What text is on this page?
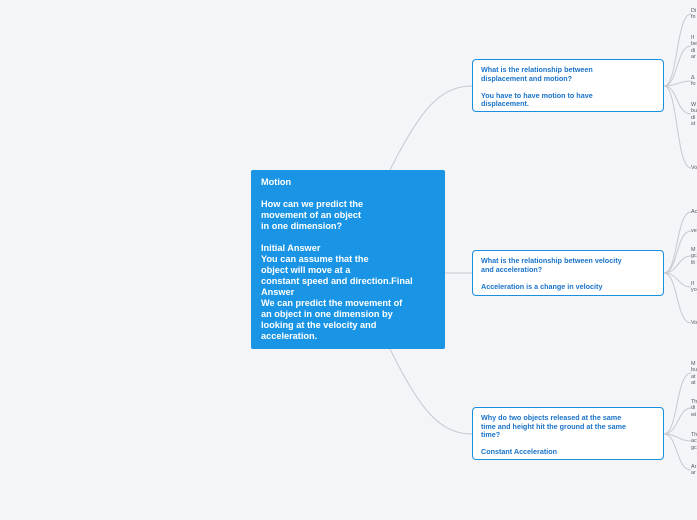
Motion

How can we predict the
movement of an object
in one dimension?

Initial Answer
You can assume that the
object will move at a
constant speed and direction.Final
Answer
We can predict the movement of
an object in one dimension by
looking at the velocity and
acceleration.

What is the relationship between
displacement and motion?

You have to have motion to have
displacement.

What is the relationship between velocity
and acceleration?

Acceleration is a change in velocity

Why do two objects released at the same
time and height hit the ground at the same
time?

Constant Acceleration

Di
fo
If
be
di
ar
Δ
fo
W
bu
di
st
Vo
Ac
ve
M
gc
lit
If
yo
Vo
M
bu
at
at
Th
di
wi
Th
ac
gc
Ar
ar
